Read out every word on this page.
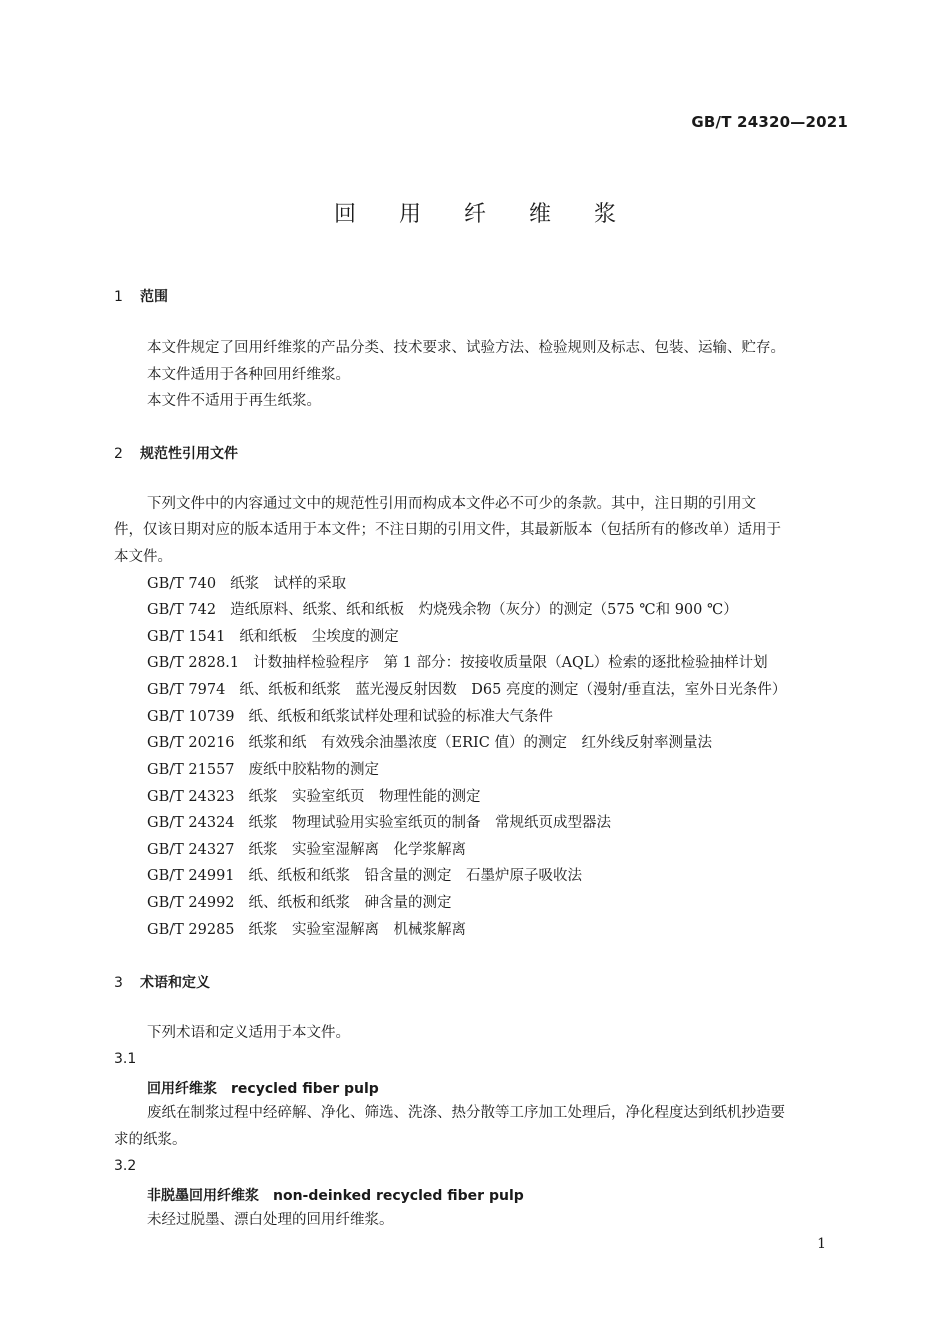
GB/T 24320—2021
回 用 纤 维 浆
1 范围
本文件规定了回用纤维浆的产品分类、技术要求、试验方法、检验规则及标志、包装、运输、贮存。
本文件适用于各种回用纤维浆。
本文件不适用于再生纸浆。
2 规范性引用文件
下列文件中的内容通过文中的规范性引用而构成本文件必不可少的条款。其中，注日期的引用文
件，仅该日期对应的版本适用于本文件；不注日期的引用文件，其最新版本（包括所有的修改单）适用于
本文件。
GB/T 740 纸浆　试样的采取
GB/T 742 造纸原料、纸浆、纸和纸板　灼烧残余物（灰分）的测定（575 ℃和 900 ℃）
GB/T 1541 纸和纸板　尘埃度的测定
GB/T 2828.1 计数抽样检验程序　第 1 部分：按接收质量限（AQL）检索的逐批检验抽样计划
GB/T 7974 纸、纸板和纸浆　蓝光漫反射因数　D65 亮度的测定（漫射/垂直法，室外日光条件）
GB/T 10739 纸、纸板和纸浆试样处理和试验的标准大气条件
GB/T 20216 纸浆和纸　有效残余油墨浓度（ERIC 值）的测定　红外线反射率测量法
GB/T 21557 废纸中胶粘物的测定
GB/T 24323 纸浆　实验室纸页　物理性能的测定
GB/T 24324 纸浆　物理试验用实验室纸页的制备　常规纸页成型器法
GB/T 24327 纸浆　实验室湿解离　化学浆解离
GB/T 24991 纸、纸板和纸浆　铅含量的测定　石墨炉原子吸收法
GB/T 24992 纸、纸板和纸浆　砷含量的测定
GB/T 29285 纸浆　实验室湿解离　机械浆解离
3 术语和定义
下列术语和定义适用于本文件。
3.1
回用纤维浆 recycled fiber pulp
废纸在制浆过程中经碎解、净化、筛选、洗涤、热分散等工序加工处理后，净化程度达到纸机抄造要
求的纸浆。
3.2
非脱墨回用纤维浆 non-deinked recycled fiber pulp
未经过脱墨、漂白处理的回用纤维浆。
1
